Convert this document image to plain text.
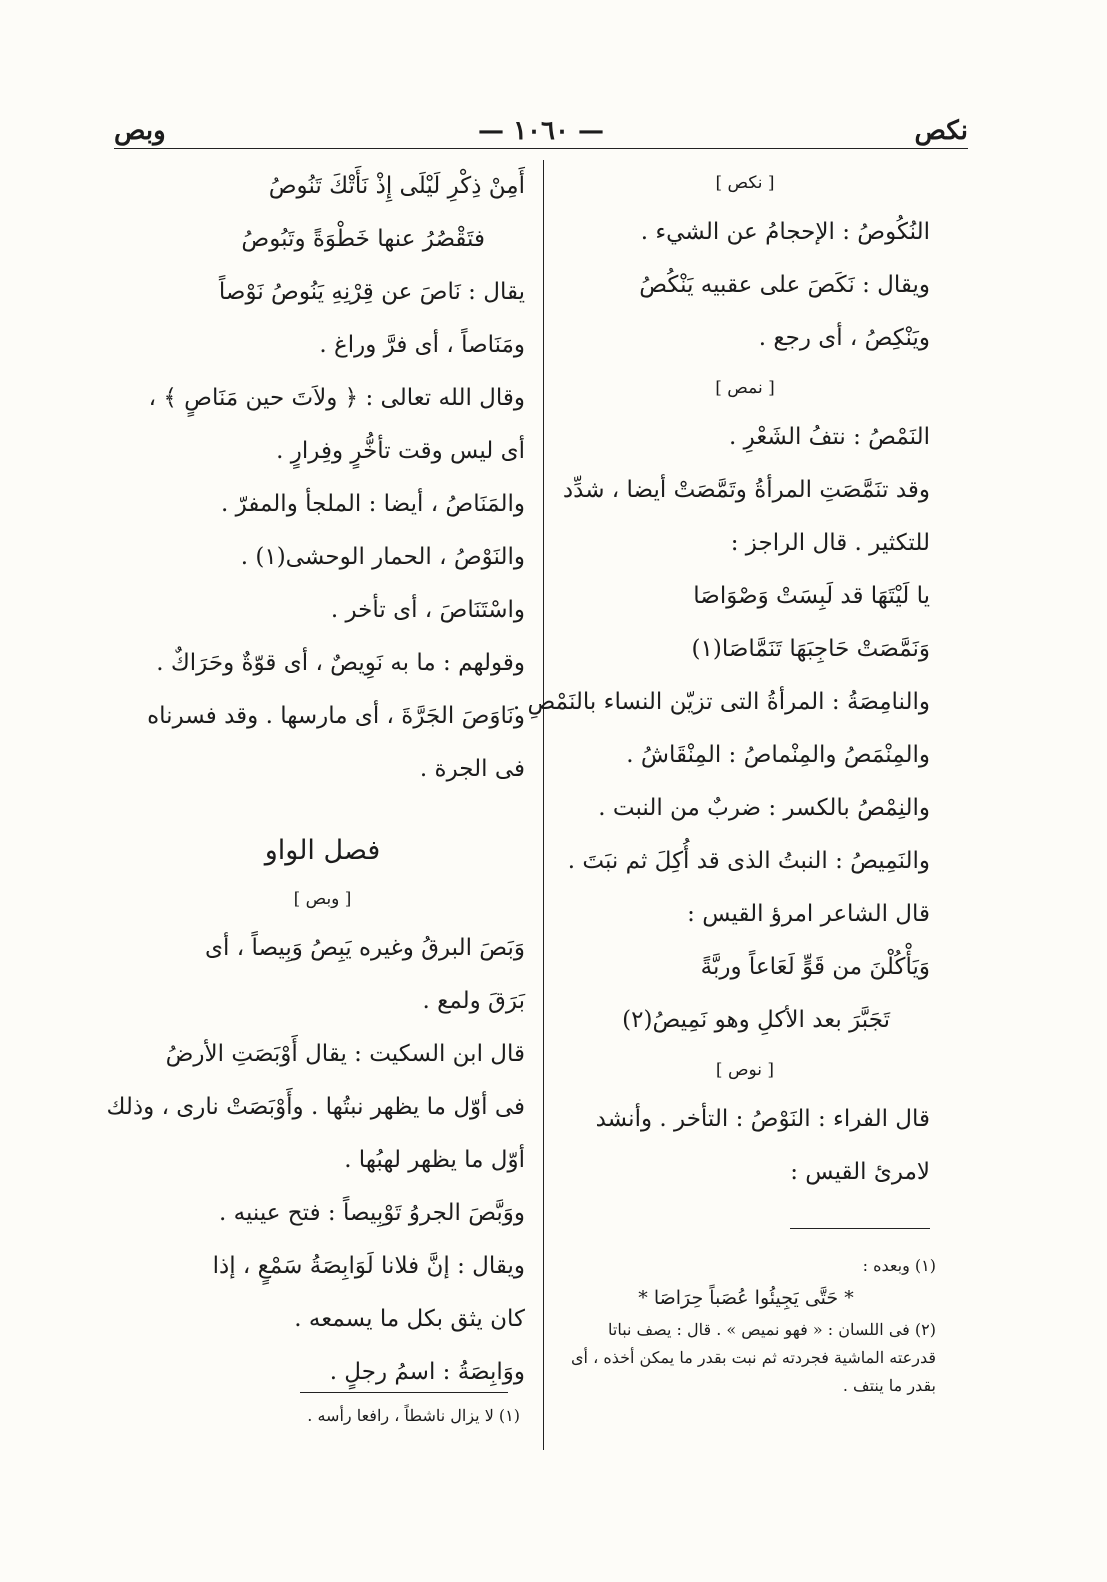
نكص
— ١٠٦٠ —
وبص
[ نكص ]
النُكُوصُ : الإحجامُ عن الشيء .
ويقال : نَكَصَ على عقبيه يَنْكُصُ
ويَنْكِصُ ، أى رجع .
[ نمص ]
النَمْصُ : نتفُ الشَعْرِ .
وقد تنَمَّصَتِ المرأةُ وتَمَّصَتْ أيضا ، شدِّد
للتكثير . قال الراجز :
يا لَيْتَهَا قد لَبِسَتْ وَصْوَاصَا
وَنَمَّصَتْ حَاجِبَهَا تَنَمَّاصَا(١)
والنامِصَةُ : المرأةُ التى تزيّن النساء بالنَمْصِ .
والمِنْمَصُ والمِنْماصُ : المِنْقَاشُ .
والنِمْصُ بالكسر : ضربٌ من النبت .
والنَمِيصُ : النبتُ الذى قد أُكِلَ ثم نبَتَ .
قال الشاعر امرؤ القيس :
وَيَأْكُلْنَ من قَوٍّ لَعَاعاً وربَّةً
تَجَبَّرَ بعد الأكلِ وهو نَمِيصُ(٢)
[ نوص ]
قال الفراء : النَوْصُ : التأخر . وأنشد
لامرئ القيس :
أَمِنْ ذِكْرِ لَيْلَى إِذْ نَأَتْكَ تَنُوصُ
فتَقْصُرُ عنها خَطْوَةً وتَبُوصُ
يقال : نَاصَ عن قِرْنِهِ يَنُوصُ نَوْصاً
ومَنَاصاً ، أى فرَّ وراغ .
وقال الله تعالى : ﴿ ولاَتَ حين مَنَاصٍ ﴾ ،
أى ليس وقت تأخُّرٍ وفِرارٍ .
والمَنَاصُ ، أيضا : الملجأ والمفرّ .
والنَوْصُ ، الحمار الوحشى(١) .
واسْتَنَاصَ ، أى تأخر .
وقولهم : ما به نَوِيصٌ ، أى قوّةٌ وحَرَاكٌ .
ونَاوَصَ الجَرَّةَ ، أى مارسها . وقد فسرناه
فى الجرة .
فصل الواو
[ وبص ]
وَبَصَ البرقُ وغيره يَبِصُ وَبِيصاً ، أى
بَرَقَ ولمع .
قال ابن السكيت : يقال أَوْبَصَتِ الأرضُ
فى أوّل ما يظهر نبتُها . وأَوْبَصَتْ نارى ، وذلك
أوّل ما يظهر لهبُها .
ووَبَّصَ الجروُ تَوْبِيصاً : فتح عينيه .
ويقال : إنَّ فلانا لَوَابِصَةُ سَمْعٍ ، إذا
كان يثق بكل ما يسمعه .
ووَابِصَةُ : اسمُ رجلٍ .
(١) وبعده :
* حَتَّى يَجِيئُوا عُصَباً حِرَاصَا *
(٢) فى اللسان : « فهو نميص » . قال : يصف نباتا
قدرعته الماشية فجردته ثم نبت بقدر ما يمكن أخذه ، أى
بقدر ما ينتف .
(١) لا يزال ناشطاً ، رافعا رأسه .
